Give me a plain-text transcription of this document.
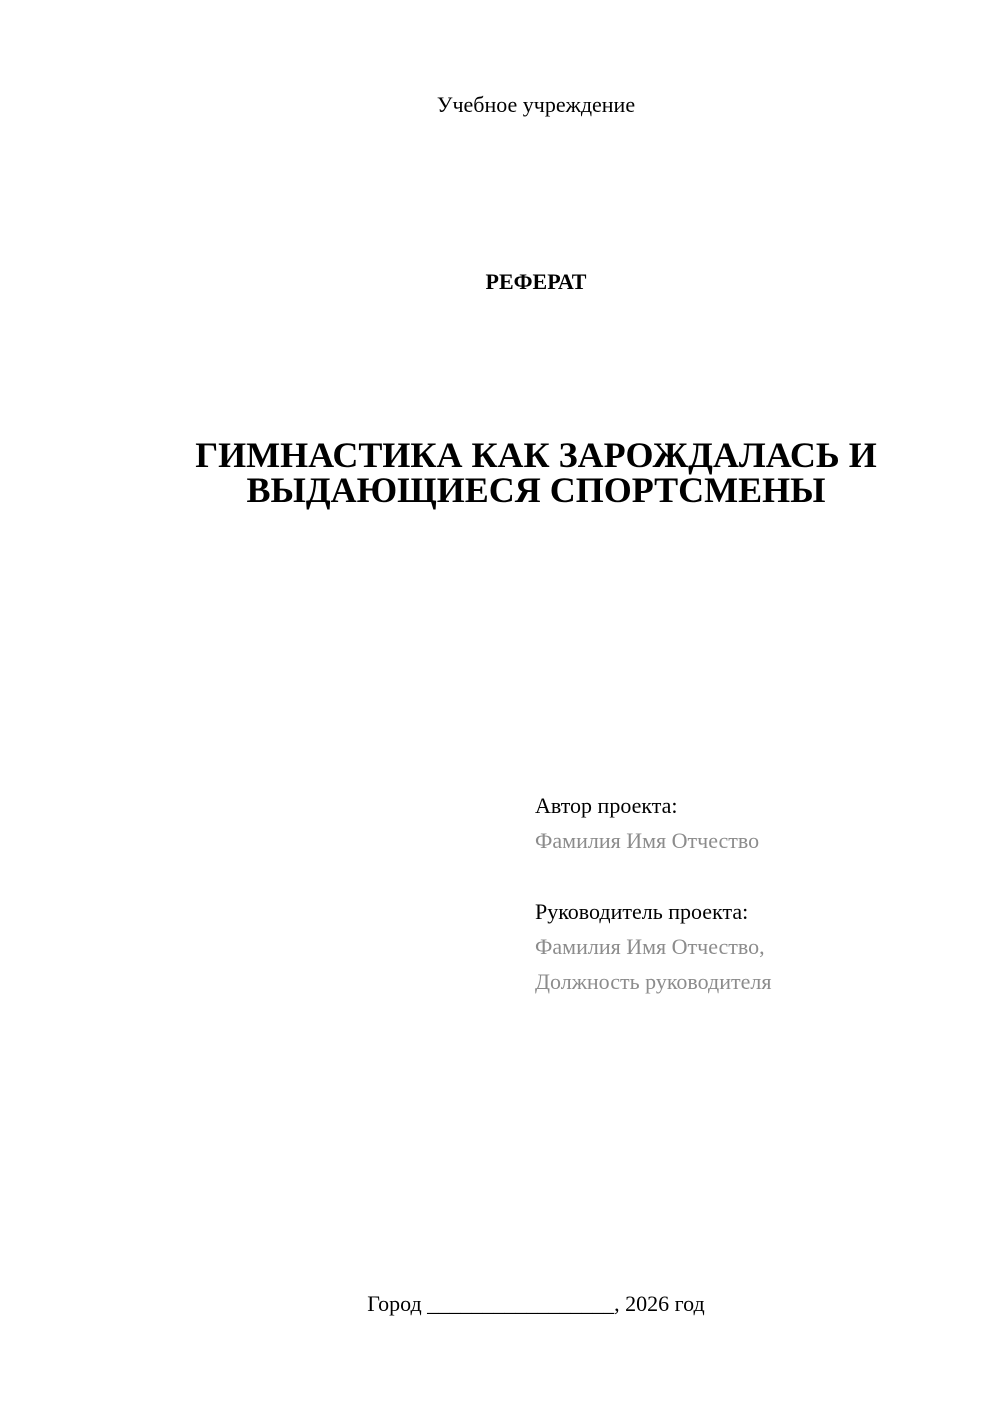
Учебное учреждение
РЕФЕРАТ
ГИМНАСТИКА КАК ЗАРОЖДАЛАСЬ И
ВЫДАЮЩИЕСЯ СПОРТСМЕНЫ
Автор проекта:
Фамилия Имя Отчество
Руководитель проекта:
Фамилия Имя Отчество,
Должность руководителя
Город _________________, 2026 год
